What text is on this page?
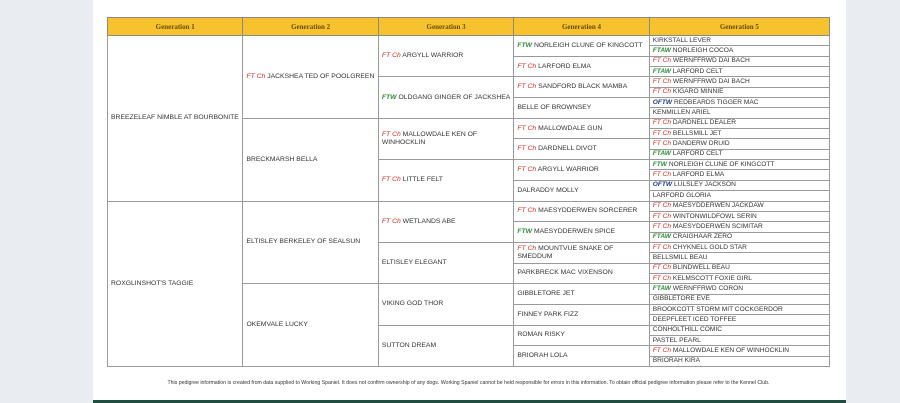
Generation 1	Generation 2	Generation 3	Generation 4	Generation 5
BREEZELEAF NIMBLE AT BOURBONITE	FT Ch JACKSHEA TED OF POOLGREEN	FT Ch ARGYLL WARRIOR	FTW NORLEIGH CLUNE OF KINGCOTT	KIRKSTALL LEVER
				FTAW NORLEIGH COCOA
			FT Ch LARFORD ELMA	FT Ch WERNFFRWD DAI BACH
				FTAW LARFORD CELT
		FTW OLDGANG GINGER OF JACKSHEA	FT Ch SANDFORD BLACK MAMBA	FT Ch WERNFFRWD DAI BACH
				FT Ch KIGARO MINNIE
			BELLE OF BROWNSEY	OFTW REDBEARDS TIGGER MAC
				KENMILLEN ARIEL
	BRECKMARSH BELLA	FT Ch MALLOWDALE KEN OF WINHOCKLIN	FT Ch MALLOWDALE GUN	FT Ch DARDNELL DEALER
				FT Ch BELLSMILL JET
			FT Ch DARDNELL DIVOT	FT Ch DANDERW DRUID
				FTAW LARFORD CELT
		FT Ch LITTLE FELT	FT Ch ARGYLL WARRIOR	FTW NORLEIGH CLUNE OF KINGCOTT
				FT Ch LARFORD ELMA
			DALRADDY MOLLY	OFTW LULSLEY JACKSON
				LARFORD GLORIA
ROXGLINSHOT'S TAGGIE	ELTISLEY BERKELEY OF SEALSUN	FT Ch WETLANDS ABE	FT Ch MAESYDDERWEN SORCERER	FT Ch MAESYDDERWEN JACKDAW
				FT Ch WINTONWILDFOWL SERIN
			FTW MAESYDDERWEN SPICE	FT Ch MAESYDDERWEN SCIMITAR
				FTAW CRAIGHAAR ZERO
		ELTISLEY ELEGANT	FT Ch MOUNTVUE SNAKE OF SMEDDUM	FT Ch CHYKNELL GOLD STAR
				BELLSMILL BEAU
			PARKBRECK MAC VIXENSON	FT Ch BLINDWELL BEAU
				FT Ch KELMSCOTT FOXIE GIRL
	OKEMVALE LUCKY	VIKING GOD THOR	GIBBLETORE JET	FTAW WERNFFRWD CORON
				GIBBLETORE EVE
			FINNEY PARK FIZZ	BROOKCOTT STORM MIT COCKGERDOR
				DEEPFLEET ICED TOFFEE
		SUTTON DREAM	ROMAN RISKY	CONHOLTHILL COMIC
				PASTEL PEARL
			BRIORAH LOLA	FT Ch MALLOWDALE KEN OF WINHOCKLIN
				BRIORAH KIRA
This pedigree information is created from data supplied to Working Spaniel. It does not confirm ownership of any dogs. Working Spaniel cannot be held responsible for errors in this information. To obtain official pedigree information please refer to the Kennel Club.
